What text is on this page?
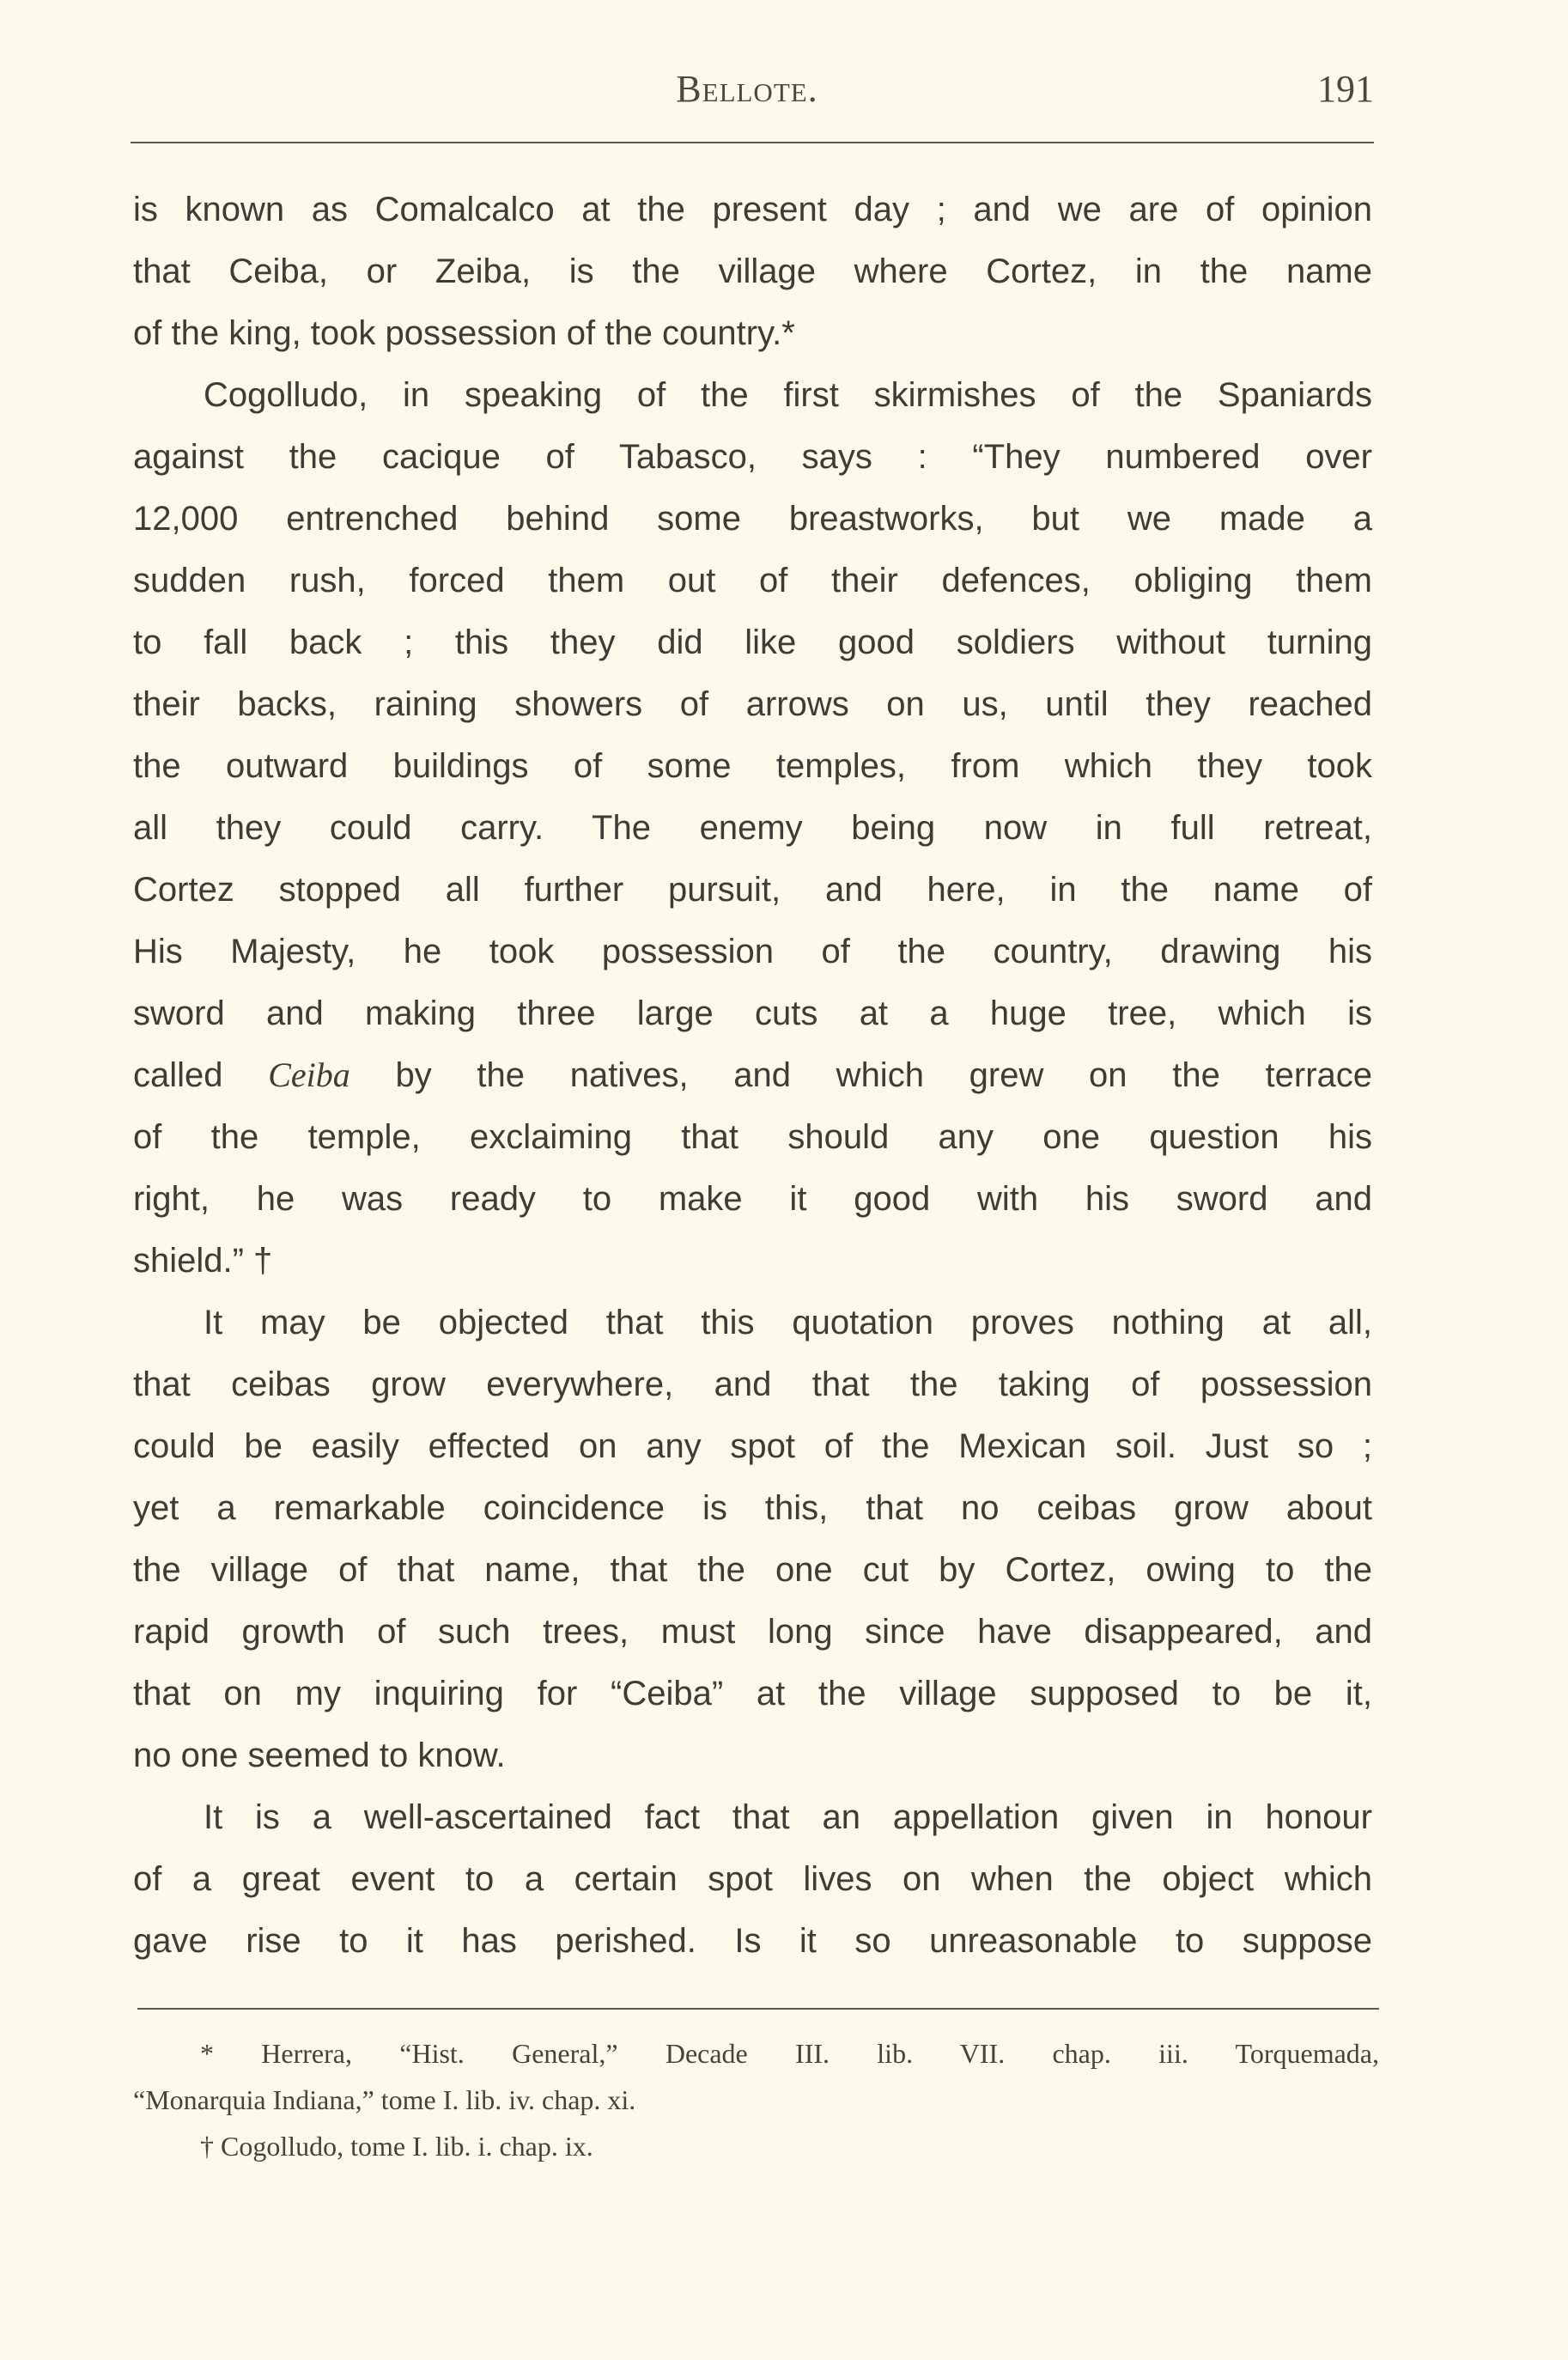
Bellote.	191
is known as Comalcalco at the present day ; and we are of opinion
that Ceiba, or Zeiba, is the village where Cortez, in the name
of the king, took possession of the country.*
Cogolludo, in speaking of the first skirmishes of the Spaniards
against the cacique of Tabasco, says : “They numbered over
12,000 entrenched behind some breastworks, but we made a
sudden rush, forced them out of their defences, obliging them
to fall back ; this they did like good soldiers without turning
their backs, raining showers of arrows on us, until they reached
the outward buildings of some temples, from which they took
all they could carry. The enemy being now in full retreat,
Cortez stopped all further pursuit, and here, in the name of
His Majesty, he took possession of the country, drawing his
sword and making three large cuts at a huge tree, which is
called Ceiba by the natives, and which grew on the terrace
of the temple, exclaiming that should any one question his
right, he was ready to make it good with his sword and
shield.” †
It may be objected that this quotation proves nothing at all,
that ceibas grow everywhere, and that the taking of possession
could be easily effected on any spot of the Mexican soil. Just so ;
yet a remarkable coincidence is this, that no ceibas grow about
the village of that name, that the one cut by Cortez, owing to the
rapid growth of such trees, must long since have disappeared, and
that on my inquiring for “Ceiba” at the village supposed to be it,
no one seemed to know.
It is a well-ascertained fact that an appellation given in honour
of a great event to a certain spot lives on when the object which
gave rise to it has perished. Is it so unreasonable to suppose
* Herrera, “Hist. General,” Decade III. lib. VII. chap. iii. Torquemada,
“Monarquia Indiana,” tome I. lib. iv. chap. xi.
† Cogolludo, tome I. lib. i. chap. ix.
